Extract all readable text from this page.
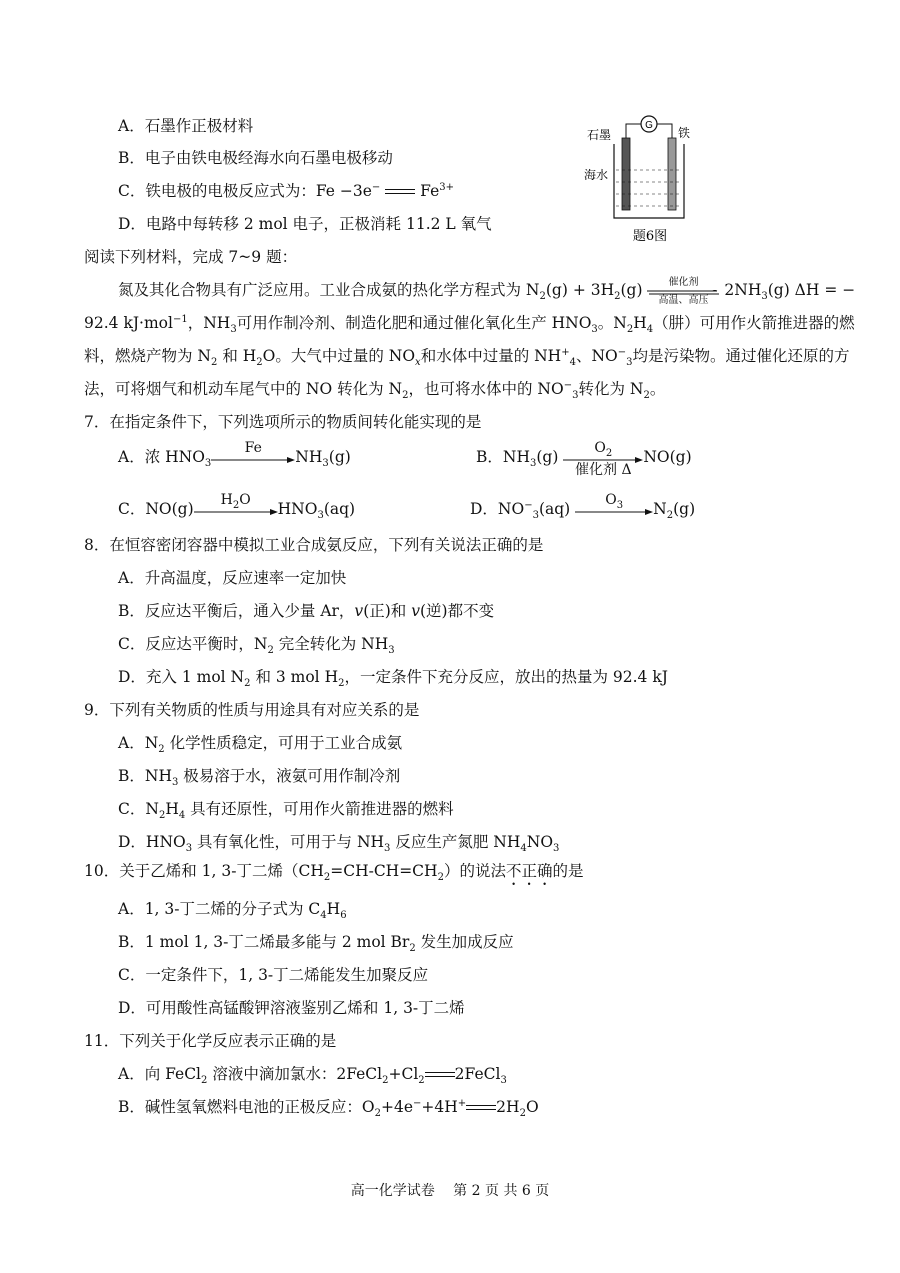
A．石墨作正极材料
B．电子由铁电极经海水向石墨电极移动
C．铁电极的电极反应式为：Fe −3e−	$Fe^{3+}$
D．电路中每转移 2 mol 电子，正极消耗 11.2 L 氧气
G
石墨	铁
海水
题6图
阅读下列材料，完成 7~9 题：
氮及其化合物具有广泛应用。工业合成氨的热化学方程式为 $N_2(g) + 3H_2(g)$	催化剂
高温、高压
$2NH_3(g) \Delta H$ = −
92.4 kJ·mol$^{-1}$，$NH_3$可用作制冷剂、制造化肥和通过催化氧化生产 $HNO_3$。$N_2H_4$（肼）可用作火箭推进器的燃
料，燃烧产物为 $N_2$ 和 $H_2O$。大气中过量的 $NO_x$和水体中过量的 $NH^+_4$、$NO^-_3$均是污染物。通过催化还原的方
法，可将烟气和机动车尾气中的 NO 转化为 $N_2$，也可将水体中的 $NO^-_3$转化为 $N_2$。
7．在指定条件下，下列选项所示的物质间转化能实现的是
A．浓 $HNO_3$
Fe	$NH_3(g)$	B．$NH_3(g)$	$O_2$
催化剂 Δ
NO(g)
C．NO(g)	$H_2O$	$HNO_3(aq)$	D．$NO^-_3(aq)$	$O_3$	$N_2(g)$
8．在恒容密闭容器中模拟工业合成氨反应，下列有关说法正确的是
A．升高温度，反应速率一定加快
B．反应达平衡后，通入少量 Ar，v(正)和 v(逆)都不变
C．反应达平衡时，$N_2$ 完全转化为 $NH_3$
D．充入 1 mol $N_2$ 和 3 mol $H_2$，一定条件下充分反应，放出的热量为 92.4 kJ
9．下列有关物质的性质与用途具有对应关系的是
A．$N_2$ 化学性质稳定，可用于工业合成氨
B．$NH_3$ 极易溶于水，液氨可用作制冷剂
C．$N_2H_4$ 具有还原性，可用作火箭推进器的燃料
D．$HNO_3$ 具有氧化性，可用于与 $NH_3$ 反应生产氮肥 $NH_4NO_3$
10．关于乙烯和 1, 3-丁二烯$(CH_2=CH-CH=CH_2)$的说法不正确的是
A．1, 3-丁二烯的分子式为 $C_4H_6$
B．1 mol 1, 3-丁二烯最多能与 2 mol $Br_2$ 发生加成反应
C．一定条件下，1, 3-丁二烯能发生加聚反应
D．可用酸性高锰酸钾溶液鉴别乙烯和 1, 3-丁二烯
11．下列关于化学反应表示正确的是
A．向 FeCl$_2$ 溶液中滴加氯水：$2FeCl_2+Cl_2$ 2FeCl$_3$
B．碱性氢氧燃料电池的正极反应：$O_2+4e^-+4H^+$ $2H_2O$
高一化学试卷　 第 2 页 共 6 页
